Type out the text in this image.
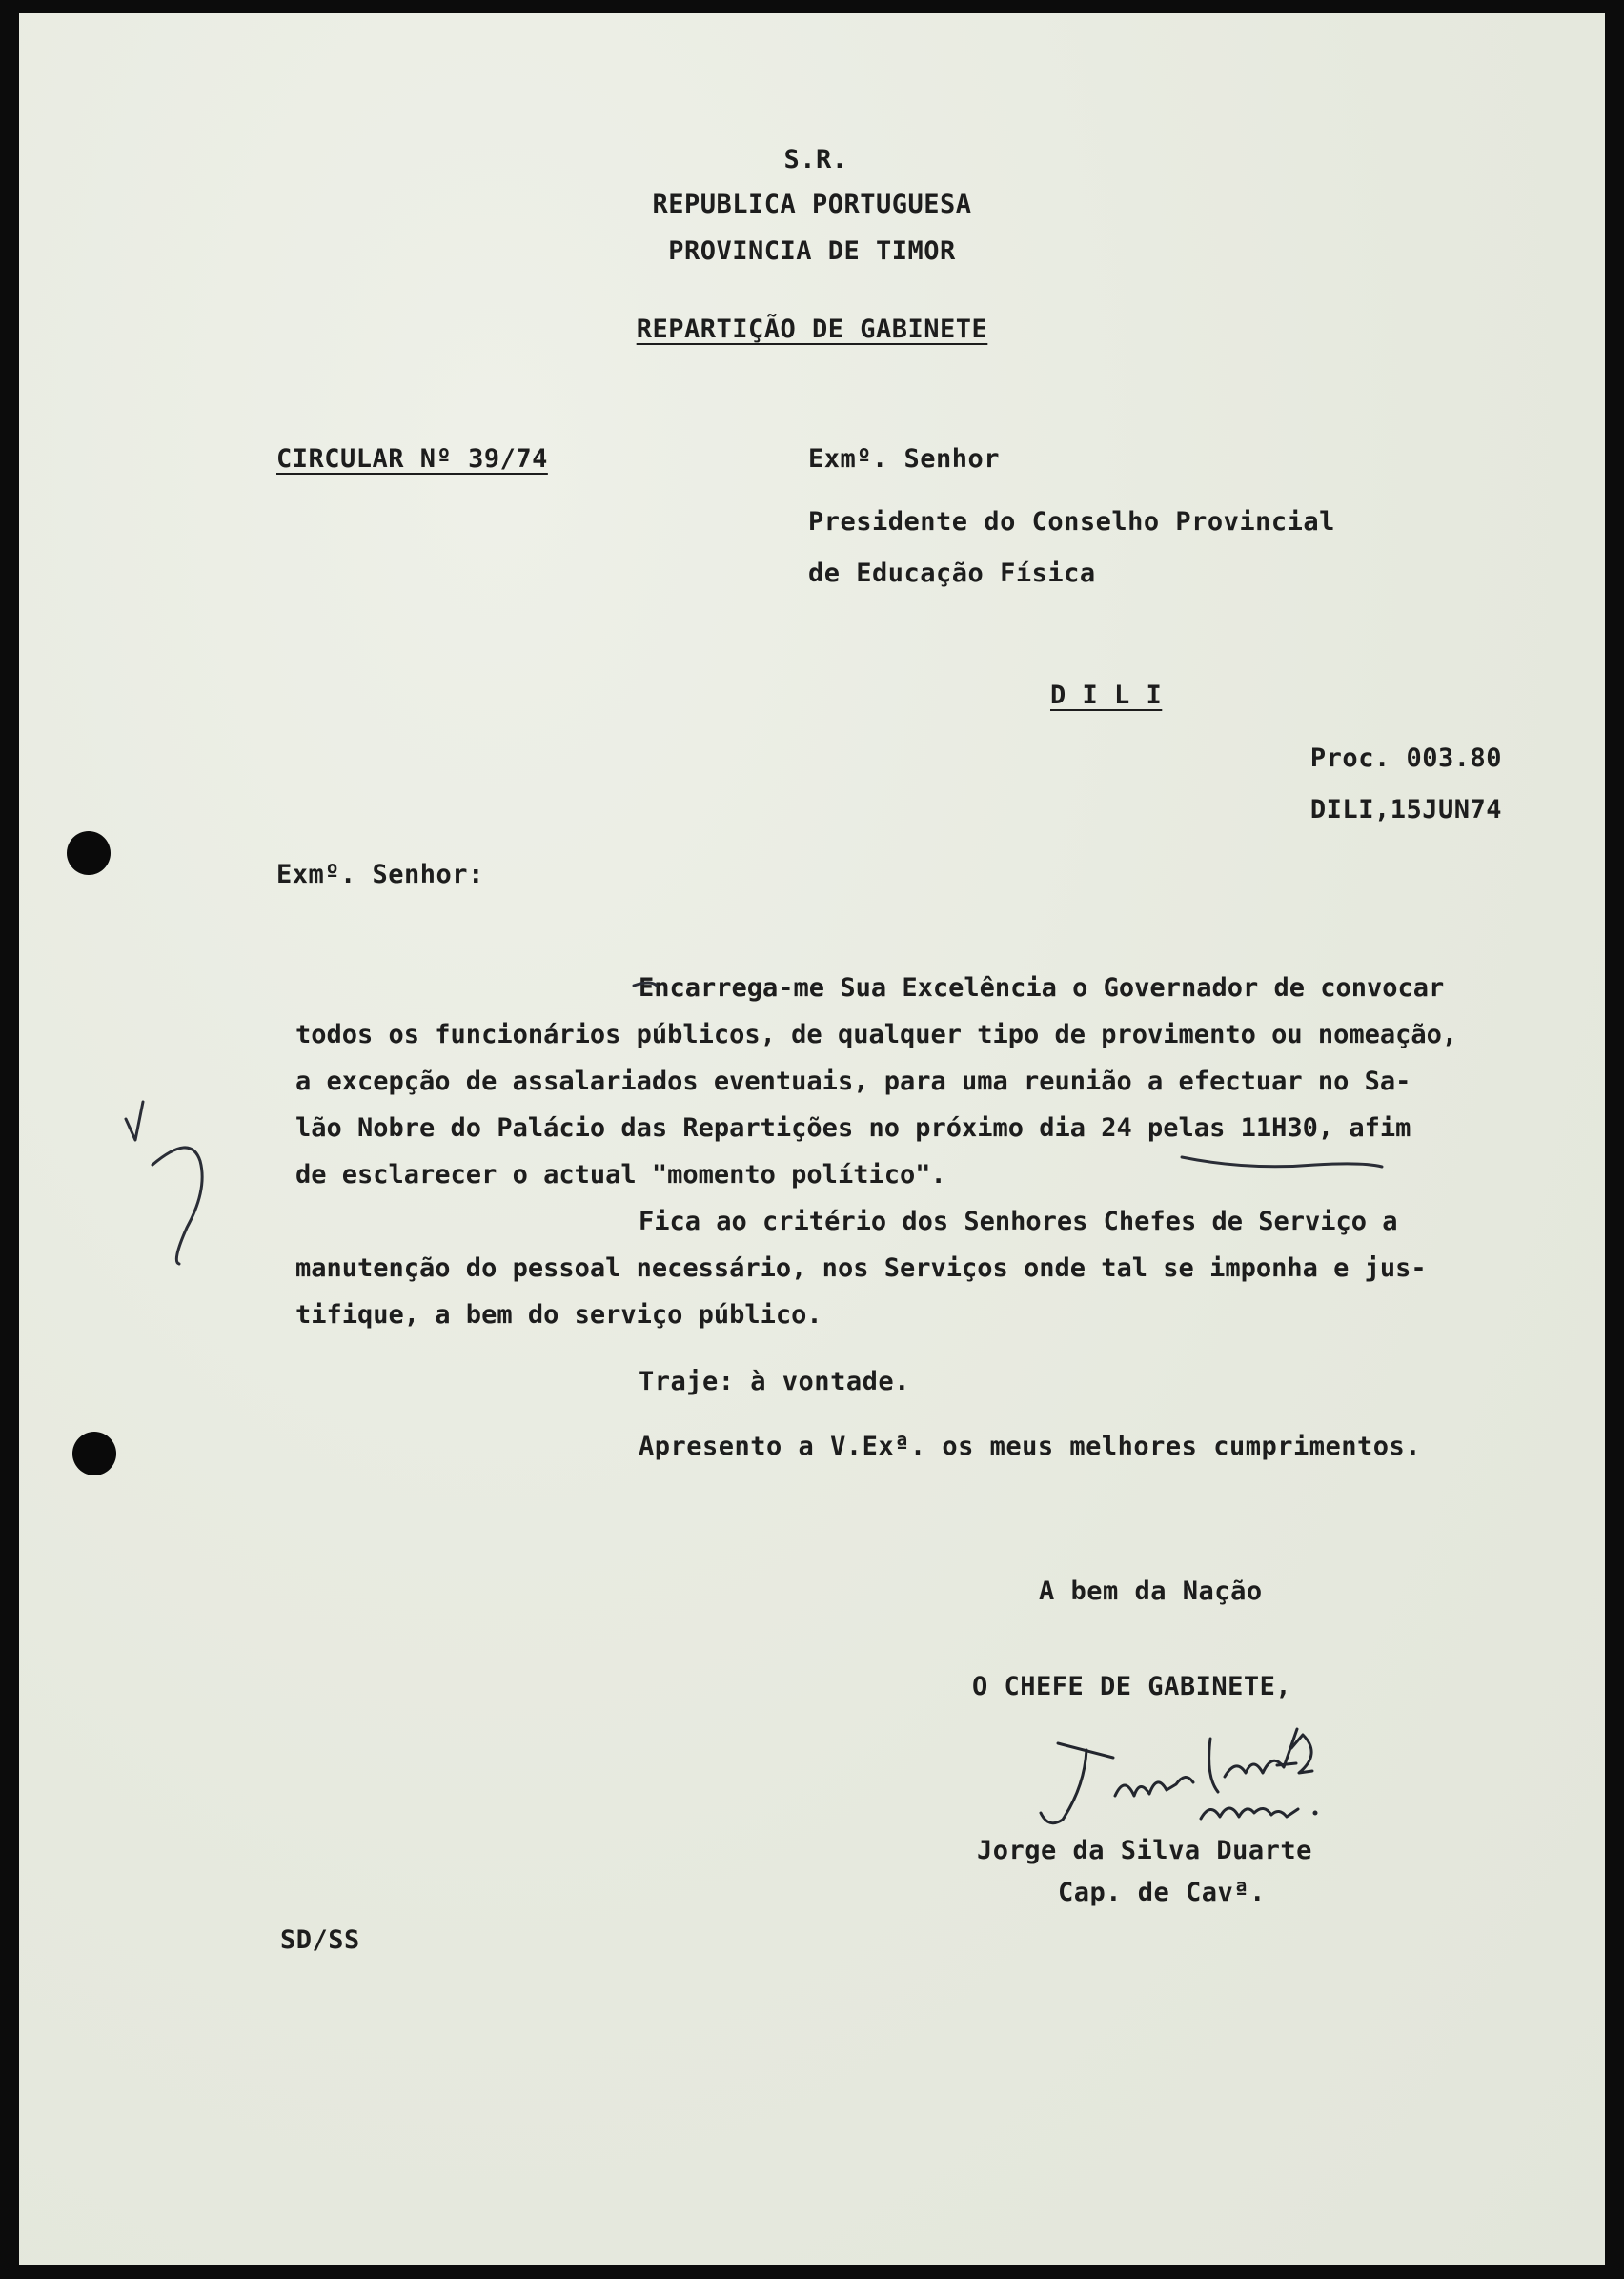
S.R.
REPUBLICA PORTUGUESA
PROVINCIA DE TIMOR
REPARTIÇÃO DE GABINETE
CIRCULAR Nº 39/74	Exmº. Senhor
Presidente do Conselho Provincial
de Educação Física
D I L I
Proc. 003.80
DILI,15JUN74
Exmº. Senhor:
Encarrega-me Sua Excelência o Governador de convocar
todos os funcionários públicos, de qualquer tipo de provimento ou nomeação,
a excepção de assalariados eventuais, para uma reunião a efectuar no Sa-
lão Nobre do Palácio das Repartições no próximo dia 24 pelas 11H30, afim
de esclarecer o actual "momento político".
Fica ao critério dos Senhores Chefes de Serviço a
manutenção do pessoal necessário, nos Serviços onde tal se imponha e jus-
tifique, a bem do serviço público.
Traje: à vontade.
Apresento a V.Exª. os meus melhores cumprimentos.
A bem da Nação
O CHEFE DE GABINETE,
Jorge da Silva Duarte
Cap. de Cavª.
SD/SS
